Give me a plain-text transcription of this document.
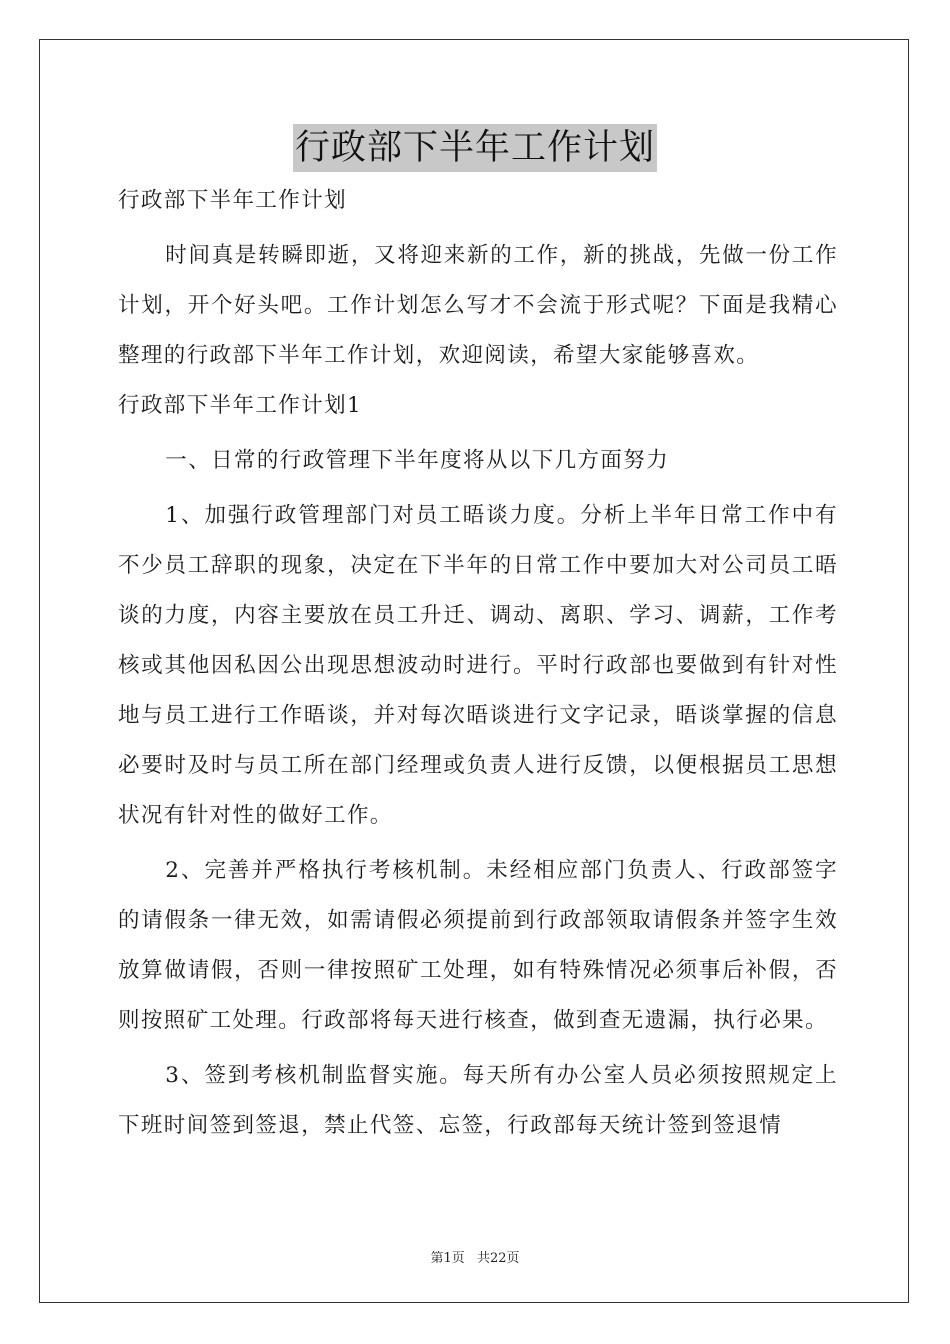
行政部下半年工作计划

行政部下半年工作计划

时间真是转瞬即逝，又将迎来新的工作，新的挑战，先做一份工作计划，开个好头吧。工作计划怎么写才不会流于形式呢？下面是我精心整理的行政部下半年工作计划，欢迎阅读，希望大家能够喜欢。

行政部下半年工作计划1

一、日常的行政管理下半年度将从以下几方面努力

1、加强行政管理部门对员工晤谈力度。分析上半年日常工作中有不少员工辞职的现象，决定在下半年的日常工作中要加大对公司员工晤谈的力度，内容主要放在员工升迁、调动、离职、学习、调薪，工作考核或其他因私因公出现思想波动时进行。平时行政部也要做到有针对性地与员工进行工作晤谈，并对每次晤谈进行文字记录，晤谈掌握的信息必要时及时与员工所在部门经理或负责人进行反馈，以便根据员工思想状况有针对性的做好工作。

2、完善并严格执行考核机制。未经相应部门负责人、行政部签字的请假条一律无效，如需请假必须提前到行政部领取请假条并签字生效放算做请假，否则一律按照矿工处理，如有特殊情况必须事后补假，否则按照矿工处理。行政部将每天进行核查，做到查无遗漏，执行必果。

3、签到考核机制监督实施。每天所有办公室人员必须按照规定上下班时间签到签退，禁止代签、忘签，行政部每天统计签到签退情

第1页 共22页
